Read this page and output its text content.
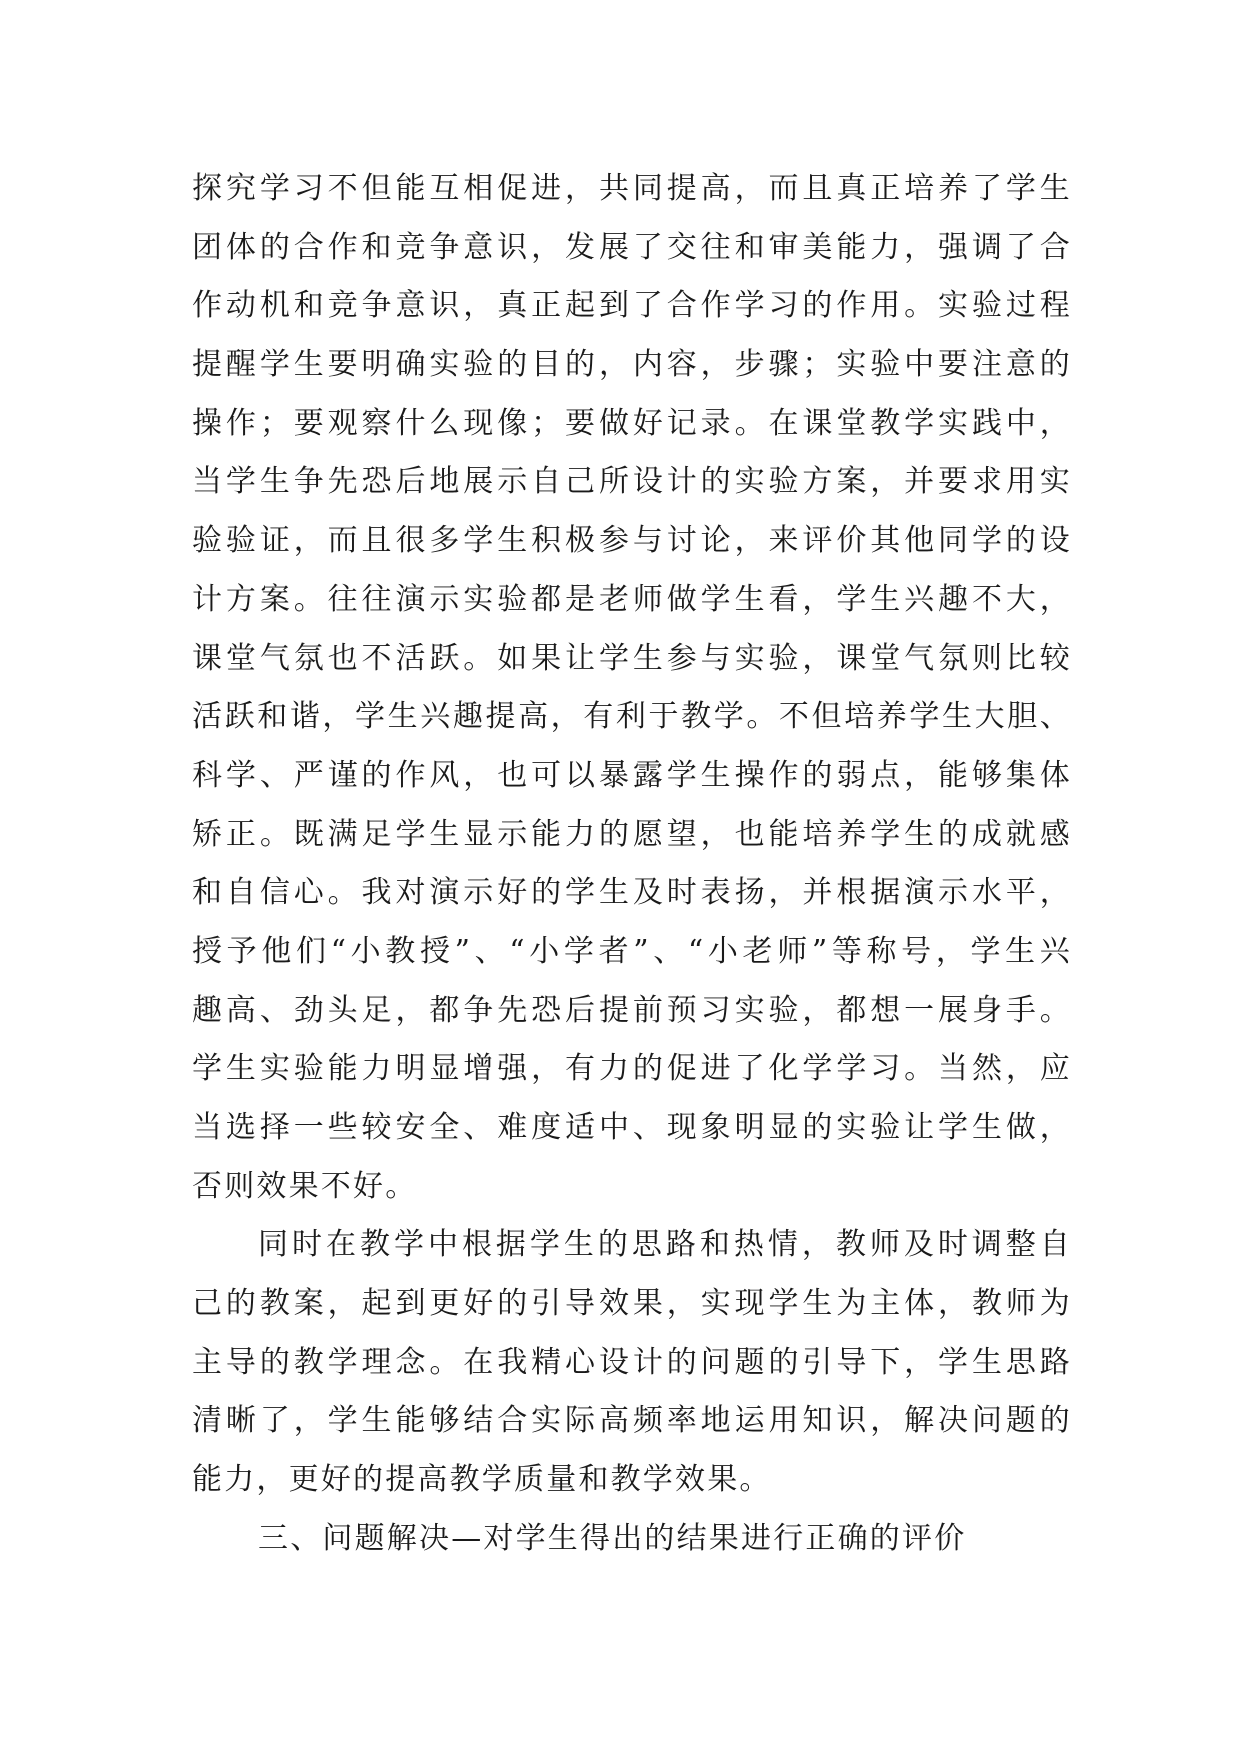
探究学习不但能互相促进，共同提高，而且真正培养了学生
团体的合作和竞争意识，发展了交往和审美能力，强调了合
作动机和竞争意识，真正起到了合作学习的作用。实验过程
提醒学生要明确实验的目的，内容，步骤；实验中要注意的
操作；要观察什么现像；要做好记录。在课堂教学实践中，
当学生争先恐后地展示自己所设计的实验方案，并要求用实
验验证，而且很多学生积极参与讨论，来评价其他同学的设
计方案。往往演示实验都是老师做学生看，学生兴趣不大，
课堂气氛也不活跃。如果让学生参与实验，课堂气氛则比较
活跃和谐，学生兴趣提高，有利于教学。不但培养学生大胆、
科学、严谨的作风，也可以暴露学生操作的弱点，能够集体
矫正。既满足学生显示能力的愿望，也能培养学生的成就感
和自信心。我对演示好的学生及时表扬，并根据演示水平，
授予他们“小教授”、“小学者”、“小老师”等称号，学生兴
趣高、劲头足，都争先恐后提前预习实验，都想一展身手。
学生实验能力明显增强，有力的促进了化学学习。当然，应
当选择一些较安全、难度适中、现象明显的实验让学生做，
否则效果不好。
同时在教学中根据学生的思路和热情，教师及时调整自
己的教案，起到更好的引导效果，实现学生为主体，教师为
主导的教学理念。在我精心设计的问题的引导下，学生思路
清晰了，学生能够结合实际高频率地运用知识，解决问题的
能力，更好的提高教学质量和教学效果。
三、问题解决—对学生得出的结果进行正确的评价
